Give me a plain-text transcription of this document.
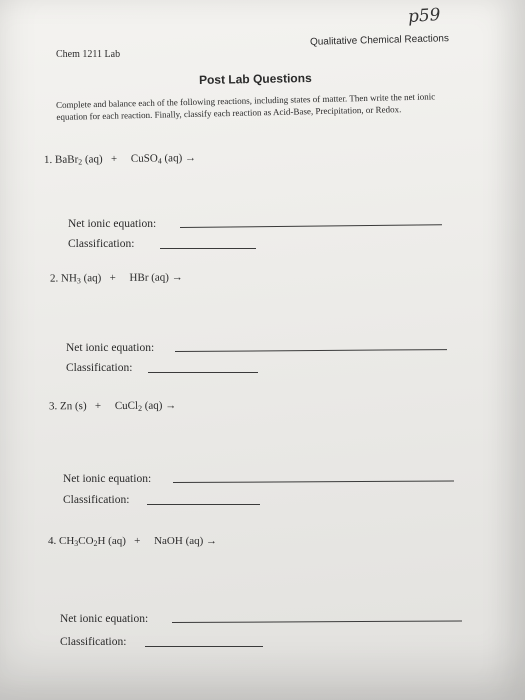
p59
Chem 1211 Lab
Qualitative Chemical Reactions
Post Lab Questions
Complete and balance each of the following reactions, including states of matter. Then write the net ionic equation for each reaction. Finally, classify each reaction as Acid-Base, Precipitation, or Redox.
1. BaBr$_2$ (aq) + CuSO$_4$ (aq) →
Net ionic equation:
Classification:
2. $NH_3$ (aq) + HBr (aq) →
Net ionic equation:
Classification:
3. Zn (s) + CuCl$_2$ (aq) →
Net ionic equation:
Classification:
4. $CH_3CO_2H$ (aq) + NaOH (aq) →
Net ionic equation:
Classification:
